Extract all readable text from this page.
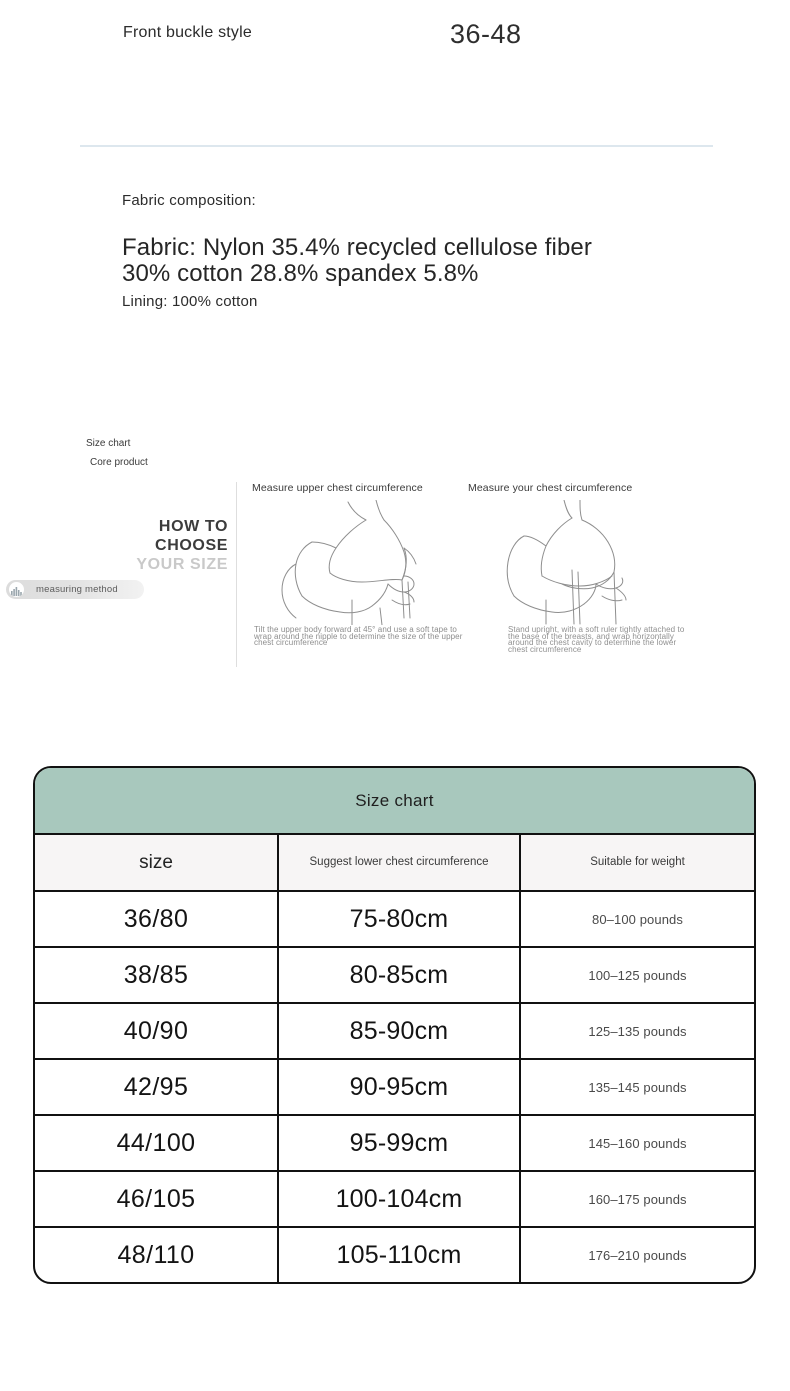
Front buckle style	36-48
Fabric composition:
Fabric: Nylon 35.4% recycled cellulose fiber 30% cotton 28.8% spandex 5.8%
Lining: 100% cotton
Size chart
Core product
HOW TO
CHOOSE
YOUR SIZE
measuring method
Measure upper chest circumference
Tilt the upper body forward at 45° and use a soft tape to wrap around the nipple to determine the size of the upper chest circumference
Measure your chest circumference
Stand upright, with a soft ruler tightly attached to the base of the breasts, and wrap horizontally around the chest cavity to determine the lower chest circumference
Size chart
size	Suggest lower chest circumference	Suitable for weight
36/80	75-80cm	80–100 pounds
38/85	80-85cm	100–125 pounds
40/90	85-90cm	125–135 pounds
42/95	90-95cm	135–145 pounds
44/100	95-99cm	145–160 pounds
46/105	100-104cm	160–175 pounds
48/110	105-110cm	176–210 pounds
